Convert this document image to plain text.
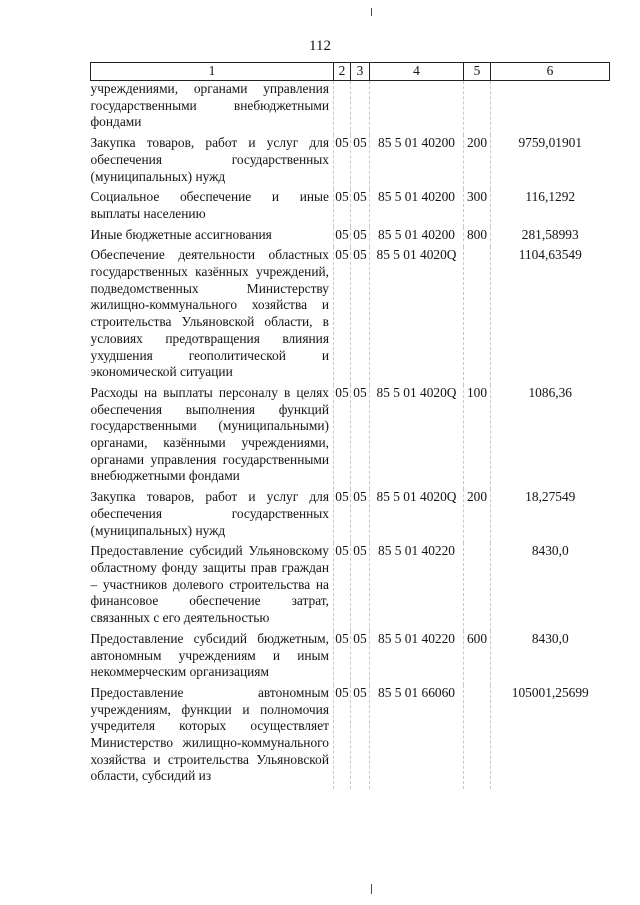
112
1	2	3	4	5	6
учреждениями, органами управления государственными внебюджетными фондами					
Закупка товаров, работ и услуг для обеспечения государственных (муниципальных) нужд	05	05	85 5 01 40200	200	9759,01901
Социальное обеспечение и иные выплаты населению	05	05	85 5 01 40200	300	116,1292
Иные бюджетные ассигнования	05	05	85 5 01 40200	800	281,58993
Обеспечение деятельности областных государственных казённых учреждений, подведомственных Министерству жилищно-коммунального хозяйства и строительства Ульяновской области, в условиях предотвращения влияния ухудшения геополитической и экономической ситуации	05	05	85 5 01 4020Q		1104,63549
Расходы на выплаты персоналу в целях обеспечения выполнения функций государственными (муниципальными) органами, казёнными учреждениями, органами управления государственными внебюджетными фондами	05	05	85 5 01 4020Q	100	1086,36
Закупка товаров, работ и услуг для обеспечения государственных (муниципальных) нужд	05	05	85 5 01 4020Q	200	18,27549
Предоставление субсидий Ульяновскому областному фонду защиты прав граждан – участников долевого строительства на финансовое обеспечение затрат, связанных с его деятельностью	05	05	85 5 01 40220		8430,0
Предоставление субсидий бюджетным, автономным учреждениям и иным некоммерческим организациям	05	05	85 5 01 40220	600	8430,0
Предоставление автономным учреждениям, функции и полномочия учредителя которых осуществляет Министерство жилищно-коммунального хозяйства и строительства Ульяновской области, субсидий из	05	05	85 5 01 66060		105001,25699
